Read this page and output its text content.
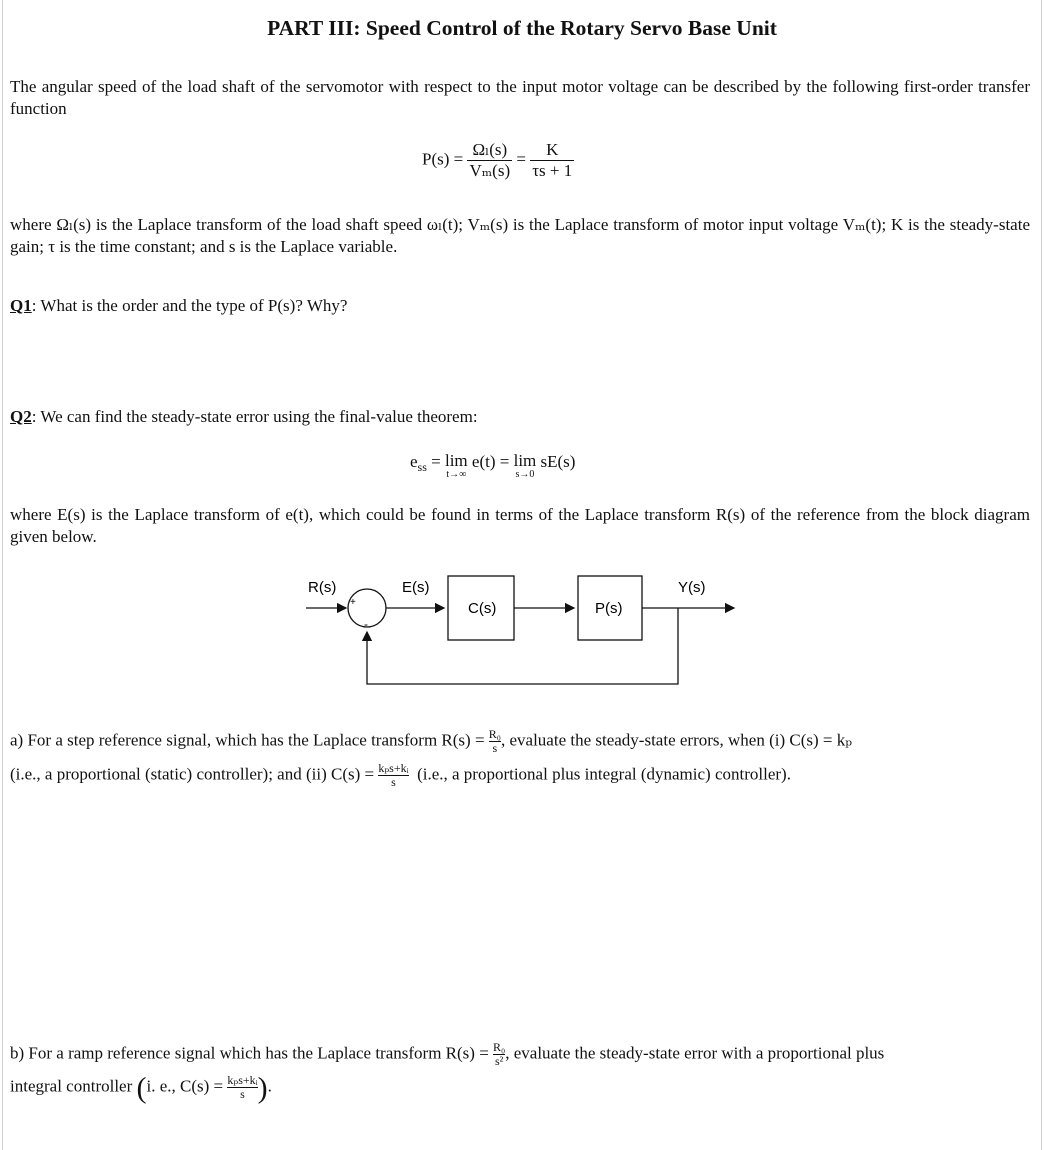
PART III: Speed Control of the Rotary Servo Base Unit
The angular speed of the load shaft of the servomotor with respect to the input motor voltage can be described by the following first-order transfer function
$P(s) = \frac{\text{Ωₗ(s)}}{\text{Vₘ(s)}} = \frac{K}{\tau s + 1}$
where Ωₗ(s) is the Laplace transform of the load shaft speed ωₗ(t); Vₘ(s) is the Laplace transform of motor input voltage Vₘ(t); K is the steady-state gain; τ is the time constant; and s is the Laplace variable.
Q1: What is the order and the type of P(s)? Why?
Q2: We can find the steady-state error using the final-value theorem:
$e_{ss} = \lim$
t→∞
e(t) = lim
s→0
sE(s)
where E(s) is the Laplace transform of e(t), which could be found in terms of the Laplace transform R(s) of the reference from the block diagram given below.
R(s)	E(s)	Y(s)
+
-
C(s)	P(s)
a) For a step reference signal, which has the Laplace transform $R(s) = \frac{\text{R₀}}{s}$ , evaluate the steady-state errors, when (i) C(s) = kₚ
(i.e., a proportional (static) controller); and (ii) $C(s) = \frac{\text{kₚs+kᵢ}}{s} (i.e$., a proportional plus integral (dynamic) controller).
b) For a ramp reference signal which has the Laplace transform $R(s) = \frac{\text{R₀}}{\text{s²}}$ , evaluate the steady-state error with a proportional plus
integral controller (i. e., $C(s) = \frac{\text{kₚs+kᵢ}}{s}$ ).
